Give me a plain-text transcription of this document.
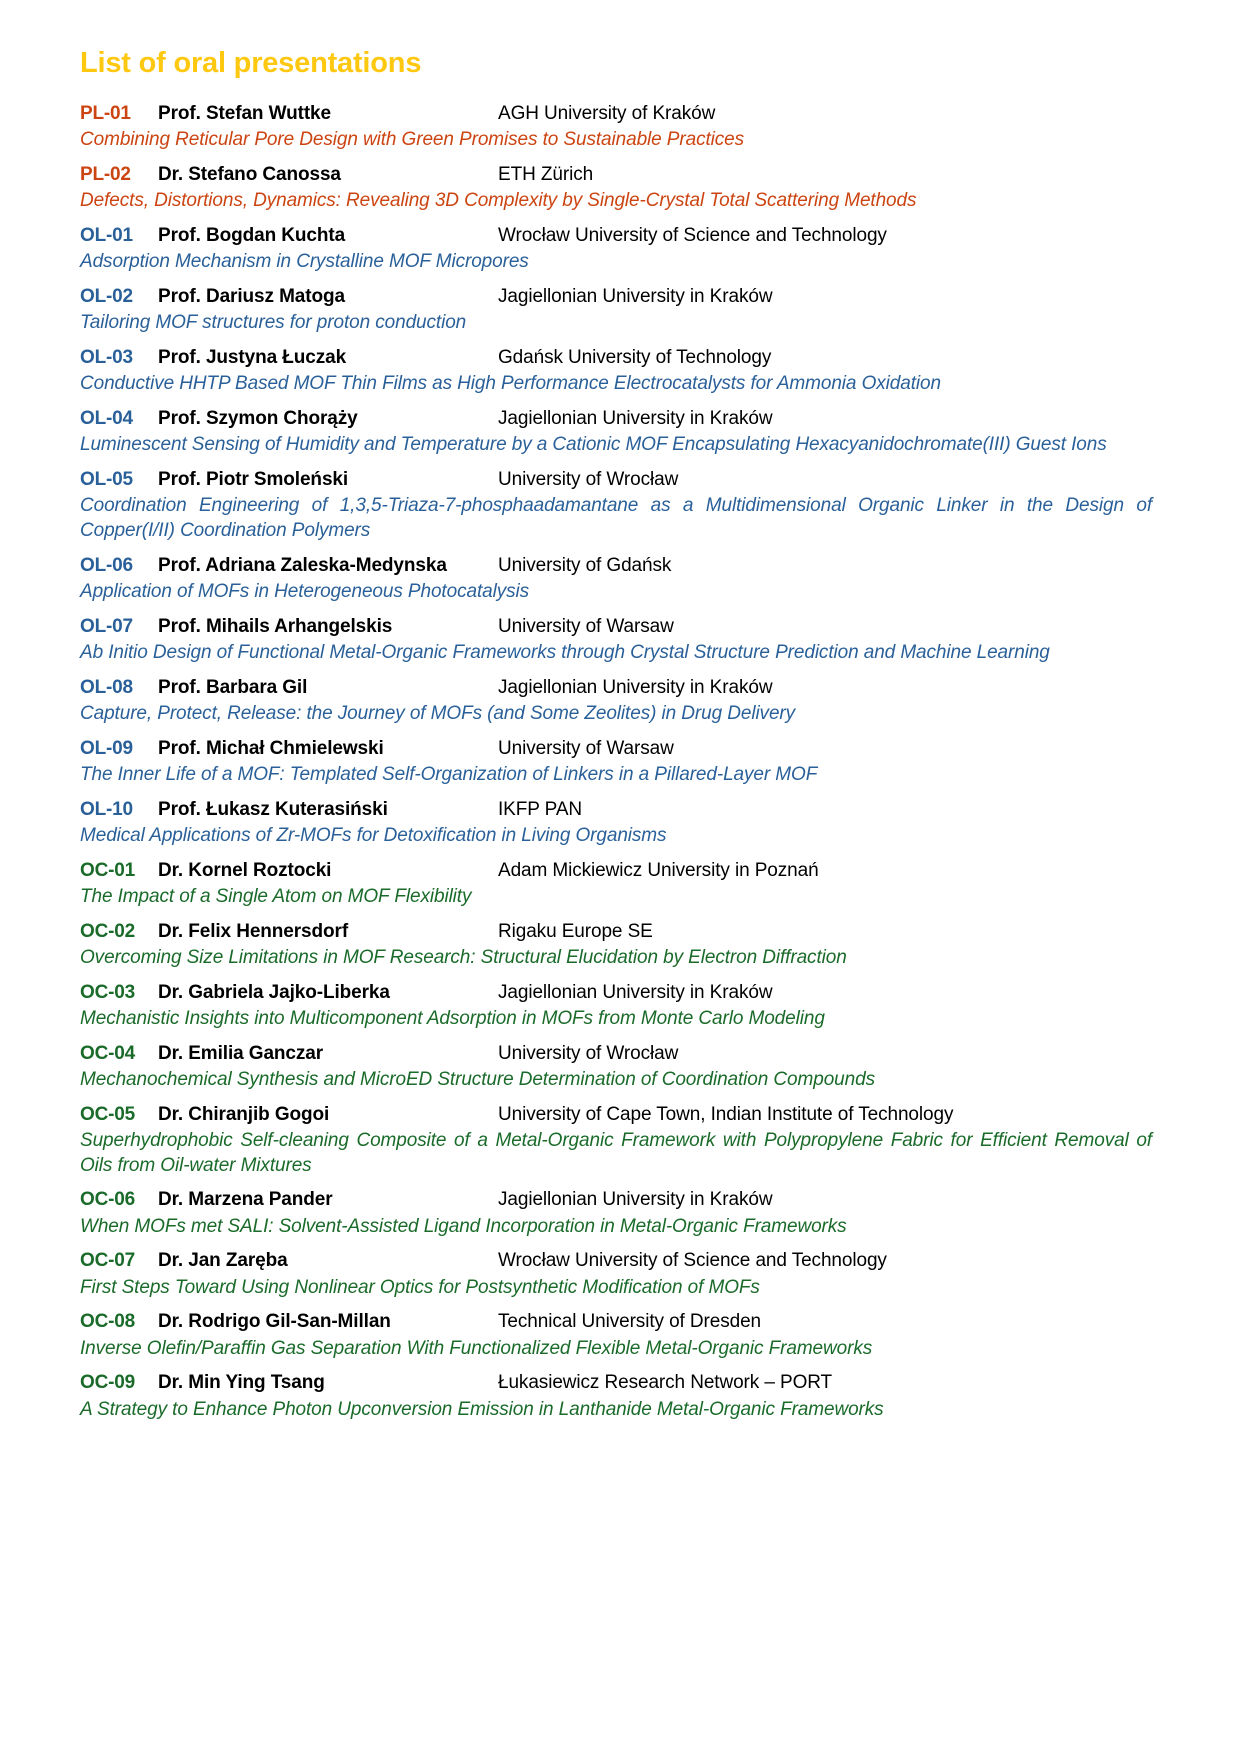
List of oral presentations
PL-01	Prof. Stefan Wuttke	AGH University of Kraków
Combining Reticular Pore Design with Green Promises to Sustainable Practices
PL-02	Dr. Stefano Canossa	ETH Zürich
Defects, Distortions, Dynamics: Revealing 3D Complexity by Single-Crystal Total Scattering Methods
OL-01	Prof. Bogdan Kuchta	Wrocław University of Science and Technology
Adsorption Mechanism in Crystalline MOF Micropores
OL-02	Prof. Dariusz Matoga	Jagiellonian University in Kraków
Tailoring MOF structures for proton conduction
OL-03	Prof. Justyna Łuczak	Gdańsk University of Technology
Conductive HHTP Based MOF Thin Films as High Performance Electrocatalysts for Ammonia Oxidation
OL-04	Prof. Szymon Chorąży	Jagiellonian University in Kraków
Luminescent Sensing of Humidity and Temperature by a Cationic MOF Encapsulating Hexacyanidochromate(III) Guest Ions
OL-05	Prof. Piotr Smoleński	University of Wrocław
Coordination Engineering of 1,3,5-Triaza-7-phosphaadamantane as a Multidimensional Organic Linker in the Design of Copper(I/II) Coordination Polymers
OL-06	Prof. Adriana Zaleska-Medynska	University of Gdańsk
Application of MOFs in Heterogeneous Photocatalysis
OL-07	Prof. Mihails Arhangelskis	University of Warsaw
Ab Initio Design of Functional Metal-Organic Frameworks through Crystal Structure Prediction and Machine Learning
OL-08	Prof. Barbara Gil	Jagiellonian University in Kraków
Capture, Protect, Release: the Journey of MOFs (and Some Zeolites) in Drug Delivery
OL-09	Prof. Michał Chmielewski	University of Warsaw
The Inner Life of a MOF: Templated Self-Organization of Linkers in a Pillared-Layer MOF
OL-10	Prof. Łukasz Kuterasiński	IKFP PAN
Medical Applications of Zr-MOFs for Detoxification in Living Organisms
OC-01	Dr. Kornel Roztocki	Adam Mickiewicz University in Poznań
The Impact of a Single Atom on MOF Flexibility
OC-02	Dr. Felix Hennersdorf	Rigaku Europe SE
Overcoming Size Limitations in MOF Research: Structural Elucidation by Electron Diffraction
OC-03	Dr. Gabriela Jajko-Liberka	Jagiellonian University in Kraków
Mechanistic Insights into Multicomponent Adsorption in MOFs from Monte Carlo Modeling
OC-04	Dr. Emilia Ganczar	University of Wrocław
Mechanochemical Synthesis and MicroED Structure Determination of Coordination Compounds
OC-05	Dr. Chiranjib Gogoi	University of Cape Town, Indian Institute of Technology
Superhydrophobic Self-cleaning Composite of a Metal-Organic Framework with Polypropylene Fabric for Efficient Removal of Oils from Oil-water Mixtures
OC-06	Dr. Marzena Pander	Jagiellonian University in Kraków
When MOFs met SALI: Solvent-Assisted Ligand Incorporation in Metal-Organic Frameworks
OC-07	Dr. Jan Zaręba	Wrocław University of Science and Technology
First Steps Toward Using Nonlinear Optics for Postsynthetic Modification of MOFs
OC-08	Dr. Rodrigo Gil-San-Millan	Technical University of Dresden
Inverse Olefin/Paraffin Gas Separation With Functionalized Flexible Metal-Organic Frameworks
OC-09	Dr. Min Ying Tsang	Łukasiewicz Research Network – PORT
A Strategy to Enhance Photon Upconversion Emission in Lanthanide Metal-Organic Frameworks
